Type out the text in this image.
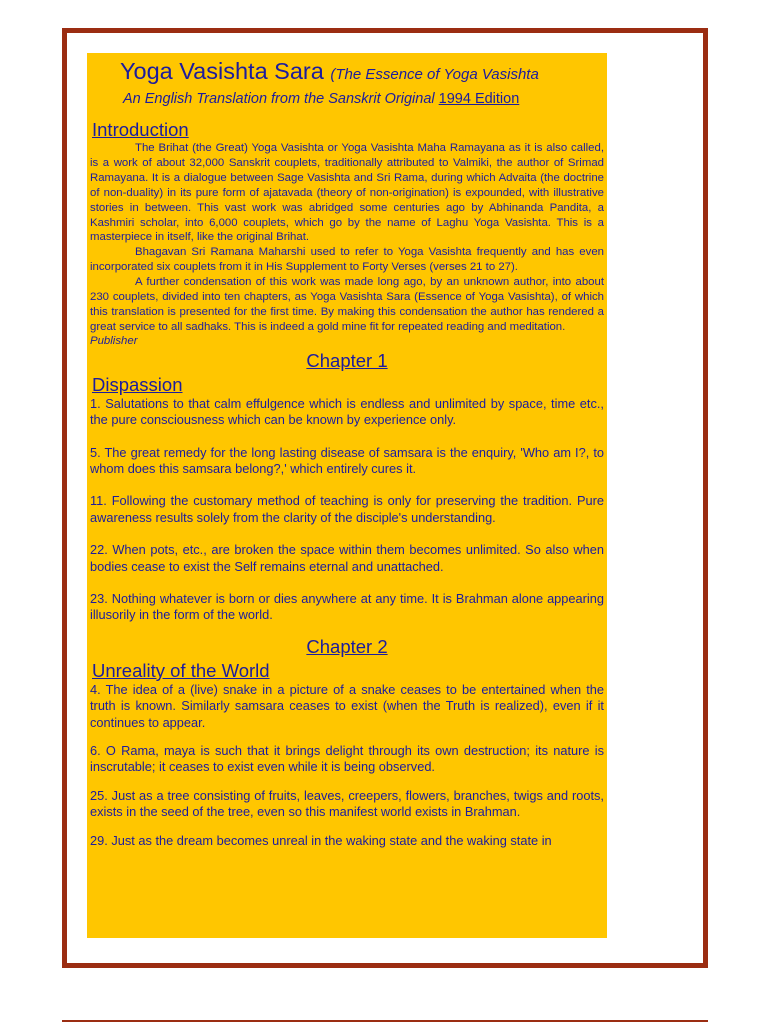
Yoga Vasishta Sara (The Essence of Yoga Vasishta
An English Translation from the Sanskrit Original 1994 Edition
Introduction

The Brihat (the Great) Yoga Vasishta or Yoga Vasishta Maha Ramayana as it is also called, is a work of about 32,000 Sanskrit couplets, traditionally attributed to Valmiki, the author of Srimad Ramayana. It is a dialogue between Sage Vasishta and Sri Rama, during which Advaita (the doctrine of non-duality) in its pure form of ajatavada (theory of non-origination) is expounded, with illustrative stories in between. This vast work was abridged some centuries ago by Abhinanda Pandita, a Kashmiri scholar, into 6,000 couplets, which go by the name of Laghu Yoga Vasishta. This is a masterpiece in itself, like the original Brihat.

Bhagavan Sri Ramana Maharshi used to refer to Yoga Vasishta frequently and has even incorporated six couplets from it in His Supplement to Forty Verses (verses 21 to 27).

A further condensation of this work was made long ago, by an unknown author, into about 230 couplets, divided into ten chapters, as Yoga Vasishta Sara (Essence of Yoga Vasishta), of which this translation is presented for the first time. By making this condensation the author has rendered a great service to all sadhaks. This is indeed a gold mine fit for repeated reading and meditation.

Publisher

Chapter 1
Dispassion

1. Salutations to that calm effulgence which is endless and unlimited by space, time etc., the pure consciousness which can be known by experience only.

5. The great remedy for the long lasting disease of samsara is the enquiry, 'Who am I?, to whom does this samsara belong?,' which entirely cures it.

11. Following the customary method of teaching is only for preserving the tradition. Pure awareness results solely from the clarity of the disciple's understanding.

22. When pots, etc., are broken the space within them becomes unlimited. So also when bodies cease to exist the Self remains eternal and unattached.

23. Nothing whatever is born or dies anywhere at any time. It is Brahman alone appearing illusorily in the form of the world.

Chapter 2
Unreality of the World

4. The idea of a (live) snake in a picture of a snake ceases to be entertained when the truth is known. Similarly samsara ceases to exist (when the Truth is realized), even if it continues to appear.

6. O Rama, maya is such that it brings delight through its own destruction; its nature is inscrutable; it ceases to exist even while it is being observed.

25. Just as a tree consisting of fruits, leaves, creepers, flowers, branches, twigs and roots, exists in the seed of the tree, even so this manifest world exists in Brahman.

29. Just as the dream becomes unreal in the waking state and the waking state in
